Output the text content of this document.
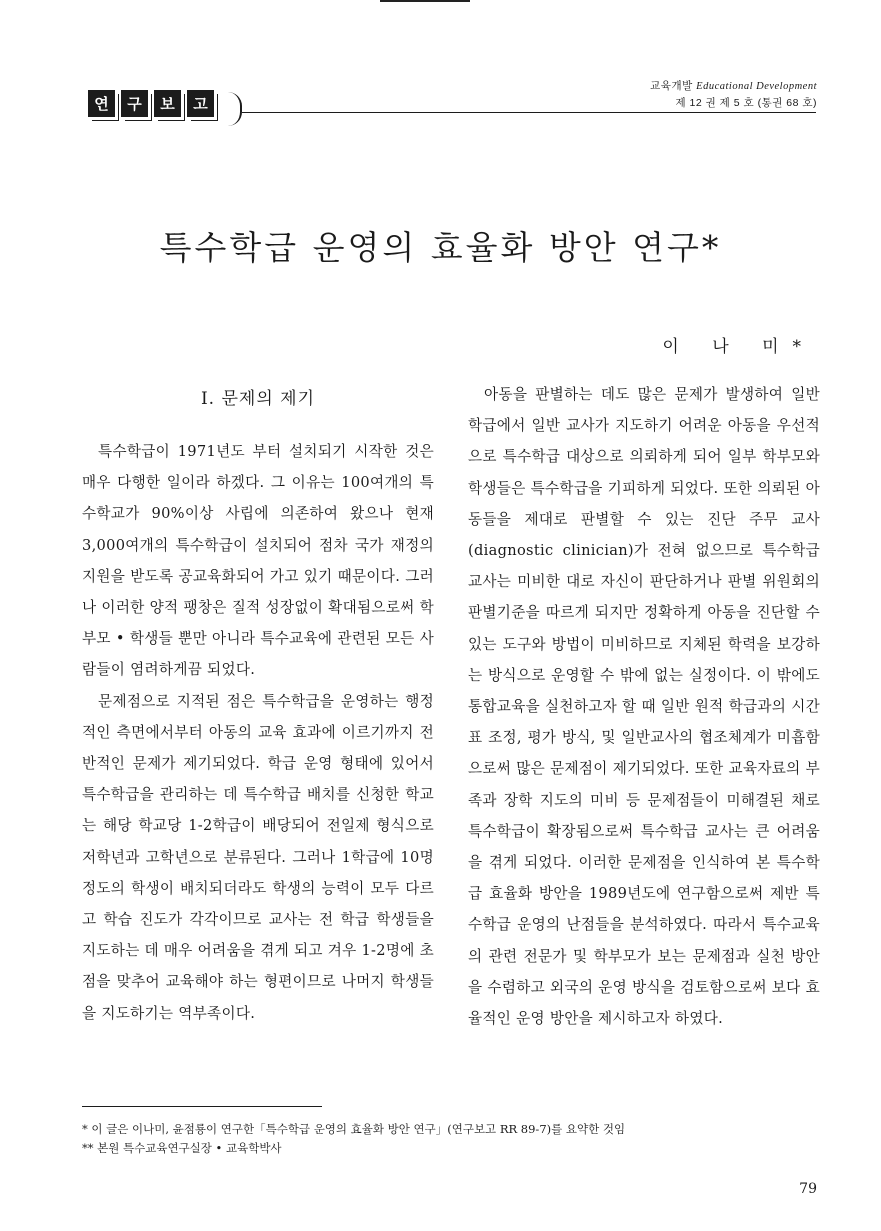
교육개발 Educational Development
제 12 권 제 5 호 (통권 68 호)
연	구	보	고
특수학급 운영의 효율화 방안 연구*
이 나 미*
I. 문제의 제기

특수학급이 1971년도 부터 설치되기 시작한 것은 매우 다행한 일이라 하겠다. 그 이유는 100여개의 특수학교가 90%이상 사립에 의존하여 왔으나 현재 3,000여개의 특수학급이 설치되어 점차 국가 재정의 지원을 받도록 공교육화되어 가고 있기 때문이다. 그러나 이러한 양적 팽창은 질적 성장없이 확대됨으로써 학부모 • 학생들 뿐만 아니라 특수교육에 관련된 모든 사람들이 염려하게끔 되었다.

문제점으로 지적된 점은 특수학급을 운영하는 행정적인 측면에서부터 아동의 교육 효과에 이르기까지 전반적인 문제가 제기되었다. 학급 운영 형태에 있어서 특수학급을 관리하는 데 특수학급 배치를 신청한 학교는 해당 학교당 1-2학급이 배당되어 전일제 형식으로 저학년과 고학년으로 분류된다. 그러나 1학급에 10명 정도의 학생이 배치되더라도 학생의 능력이 모두 다르고 학습 진도가 각각이므로 교사는 전 학급 학생들을 지도하는 데 매우 어려움을 겪게 되고 겨우 1-2명에 초점을 맞추어 교육해야 하는 형편이므로 나머지 학생들을 지도하기는 역부족이다.

아동을 판별하는 데도 많은 문제가 발생하여 일반 학급에서 일반 교사가 지도하기 어려운 아동을 우선적으로 특수학급 대상으로 의뢰하게 되어 일부 학부모와 학생들은 특수학급을 기피하게 되었다. 또한 의뢰된 아동들을 제대로 판별할 수 있는 진단 주무 교사(diagnostic clinician)가 전혀 없으므로 특수학급 교사는 미비한 대로 자신이 판단하거나 판별 위원회의 판별기준을 따르게 되지만 정확하게 아동을 진단할 수 있는 도구와 방법이 미비하므로 지체된 학력을 보강하는 방식으로 운영할 수 밖에 없는 실정이다. 이 밖에도 통합교육을 실천하고자 할 때 일반 원적 학급과의 시간표 조정, 평가 방식, 및 일반교사의 협조체계가 미흡함으로써 많은 문제점이 제기되었다. 또한 교육자료의 부족과 장학 지도의 미비 등 문제점들이 미해결된 채로 특수학급이 확장됨으로써 특수학급 교사는 큰 어려움을 겪게 되었다. 이러한 문제점을 인식하여 본 특수학급 효율화 방안을 1989년도에 연구함으로써 제반 특수학급 운영의 난점들을 분석하였다. 따라서 특수교육의 관련 전문가 및 학부모가 보는 문제점과 실천 방안을 수렴하고 외국의 운영 방식을 검토함으로써 보다 효율적인 운영 방안을 제시하고자 하였다.

* 이 글은 이나미, 윤점룡이 연구한「특수학급 운영의 효율화 방안 연구」(연구보고 RR 89-7)를 요약한 것임
** 본원 특수교육연구실장 • 교육학박사
79
